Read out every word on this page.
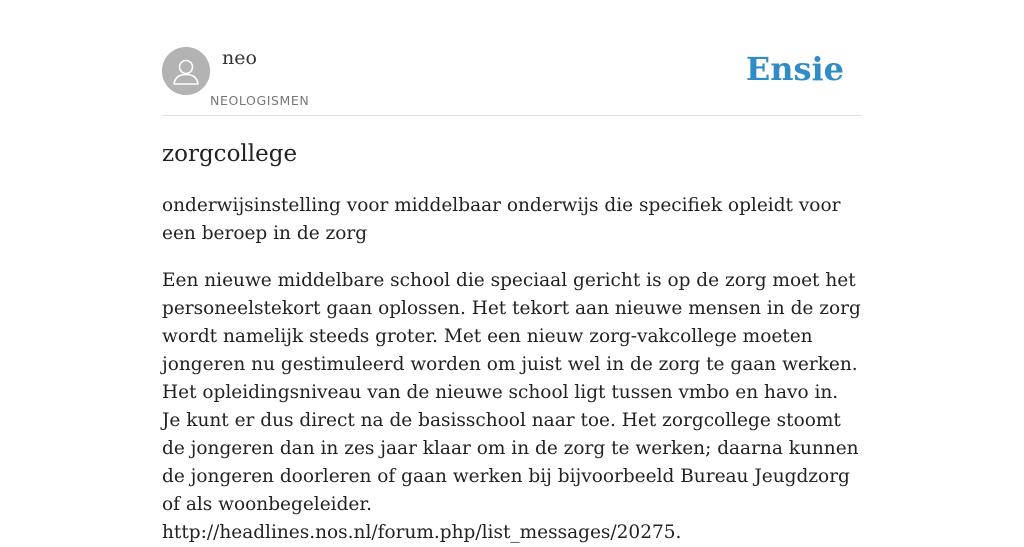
neo
NEOLOGISMEN
Ensie
zorgcollege

onderwijsinstelling voor middelbaar onderwijs die specifiek opleidt voor een beroep in de zorg

Een nieuwe middelbare school die speciaal gericht is op de zorg moet het personeelstekort gaan oplossen. Het tekort aan nieuwe mensen in de zorg wordt namelijk steeds groter. Met een nieuw zorg-vakcollege moeten jongeren nu gestimuleerd worden om juist wel in de zorg te gaan werken. Het opleidingsniveau van de nieuwe school ligt tussen vmbo en havo in. Je kunt er dus direct na de basisschool naar toe. Het zorgcollege stoomt de jongeren dan in zes jaar klaar om in de zorg te werken; daarna kunnen de jongeren doorleren of gaan werken bij bijvoorbeeld Bureau Jeugdzorg of als woonbegeleider. http://headlines.nos.nl/forum.php/list_messages/20275.
